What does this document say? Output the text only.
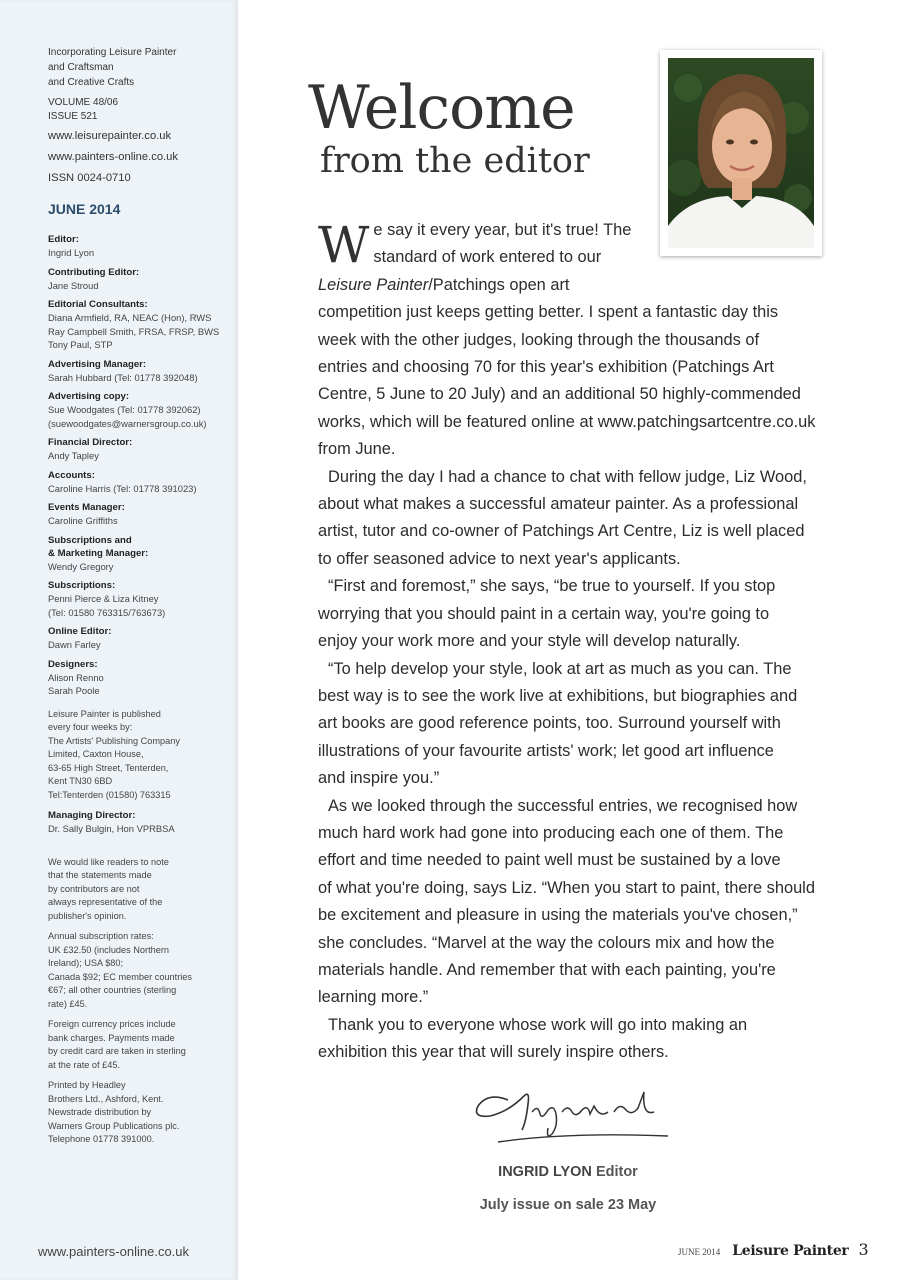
Incorporating Leisure Painter
and Craftsman
and Creative Crafts
VOLUME 48/06
ISSUE 521
www.leisurepainter.co.uk
www.painters-online.co.uk
ISSN 0024-0710
JUNE 2014
Editor:
Ingrid Lyon
Contributing Editor:
Jane Stroud
Editorial Consultants:
Diana Armfield, RA, NEAC (Hon), RWS
Ray Campbell Smith, FRSA, FRSP, BWS
Tony Paul, STP
Advertising Manager:
Sarah Hubbard (Tel: 01778 392048)
Advertising copy:
Sue Woodgates (Tel: 01778 392062)
(suewoodgates@warnersgroup.co.uk)
Financial Director:
Andy Tapley
Accounts:
Caroline Harris (Tel: 01778 391023)
Events Manager:
Caroline Griffiths
Subscriptions and
& Marketing Manager:
Wendy Gregory
Subscriptions:
Penni Pierce & Liza Kitney
(Tel: 01580 763315/763673)
Online Editor:
Dawn Farley
Designers:
Alison Renno
Sarah Poole
Leisure Painter is published
every four weeks by:
The Artists' Publishing Company
Limited, Caxton House,
63-65 High Street, Tenterden,
Kent TN30 6BD
Tel:Tenterden (01580) 763315
Managing Director:
Dr. Sally Bulgin, Hon VPRBSA
We would like readers to note
that the statements made
by contributors are not
always representative of the
publisher's opinion.
Annual subscription rates:
UK £32.50 (includes Northern
Ireland); USA $80;
Canada $92; EC member countries
€67; all other countries (sterling
rate) £45.
Foreign currency prices include
bank charges. Payments made
by credit card are taken in sterling
at the rate of £45.
Printed by Headley
Brothers Ltd., Ashford, Kent.
Newstrade distribution by
Warners Group Publications plc.
Telephone 01778 391000.
www.painters-online.co.uk
Welcome
from the editor

W e say it every year, but it's true! The
standard of work entered to our
Leisure Painter/Patchings open art
competition just keeps getting better. I spent a fantastic day this
week with the other judges, looking through the thousands of
entries and choosing 70 for this year's exhibition (Patchings Art
Centre, 5 June to 20 July) and an additional 50 highly-commended
works, which will be featured online at www.patchingsartcentre.co.uk
from June.

During the day I had a chance to chat with fellow judge, Liz Wood,
about what makes a successful amateur painter. As a professional
artist, tutor and co-owner of Patchings Art Centre, Liz is well placed
to offer seasoned advice to next year's applicants.

“First and foremost,” she says, “be true to yourself. If you stop
worrying that you should paint in a certain way, you're going to
enjoy your work more and your style will develop naturally.

“To help develop your style, look at art as much as you can. The
best way is to see the work live at exhibitions, but biographies and
art books are good reference points, too. Surround yourself with
illustrations of your favourite artists' work; let good art influence
and inspire you.”

As we looked through the successful entries, we recognised how
much hard work had gone into producing each one of them. The
effort and time needed to paint well must be sustained by a love
of what you're doing, says Liz. “When you start to paint, there should
be excitement and pleasure in using the materials you've chosen,”
she concludes. “Marvel at the way the colours mix and how the
materials handle. And remember that with each painting, you're
learning more.”

Thank you to everyone whose work will go into making an
exhibition this year that will surely inspire others.

INGRID LYON Editor
July issue on sale 23 May
JUNE 2014 Leisure Painter 3
